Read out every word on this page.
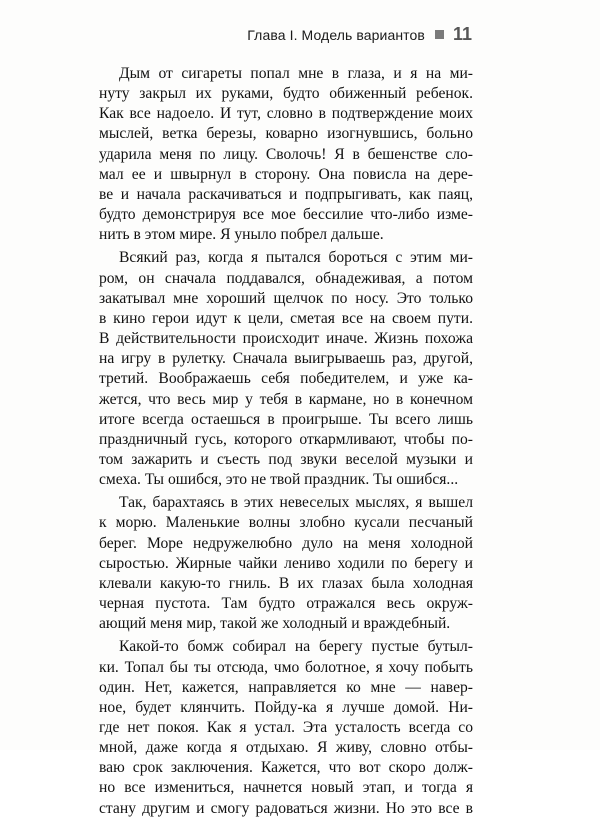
Глава I. Модель вариантов 11
Дым от сигареты попал мне в глаза, и я на ми-
нуту закрыл их руками, будто обиженный ребенок.
Как все надоело. И тут, словно в подтверждение моих
мыслей, ветка березы, коварно изогнувшись, больно
ударила меня по лицу. Сволочь! Я в бешенстве сло-
мал ее и швырнул в сторону. Она повисла на дере-
ве и начала раскачиваться и подпрыгивать, как паяц,
будто демонстрируя все мое бессилие что-либо изме-
нить в этом мире. Я уныло побрел дальше.
Всякий раз, когда я пытался бороться с этим ми-
ром, он сначала поддавался, обнадеживая, а потом
закатывал мне хороший щелчок по носу. Это только
в кино герои идут к цели, сметая все на своем пути.
В действительности происходит иначе. Жизнь похожа
на игру в рулетку. Сначала выигрываешь раз, другой,
третий. Воображаешь себя победителем, и уже ка-
жется, что весь мир у тебя в кармане, но в конечном
итоге всегда остаешься в проигрыше. Ты всего лишь
праздничный гусь, которого откармливают, чтобы по-
том зажарить и съесть под звуки веселой музыки и
смеха. Ты ошибся, это не твой праздник. Ты ошибся...
Так, барахтаясь в этих невеселых мыслях, я вышел
к морю. Маленькие волны злобно кусали песчаный
берег. Море недружелюбно дуло на меня холодной
сыростью. Жирные чайки лениво ходили по берегу и
клевали какую-то гниль. В их глазах была холодная
черная пустота. Там будто отражался весь окруж-
ающий меня мир, такой же холодный и враждебный.
Какой-то бомж собирал на берегу пустые бутыл-
ки. Топал бы ты отсюда, чмо болотное, я хочу побыть
один. Нет, кажется, направляется ко мне — навер-
ное, будет клянчить. Пойду-ка я лучше домой. Ни-
где нет покоя. Как я устал. Эта усталость всегда со
мной, даже когда я отдыхаю. Я живу, словно отбы-
ваю срок заключения. Кажется, что вот скоро долж-
но все измениться, начнется новый этап, и тогда я
стану другим и смогу радоваться жизни. Но это все в
